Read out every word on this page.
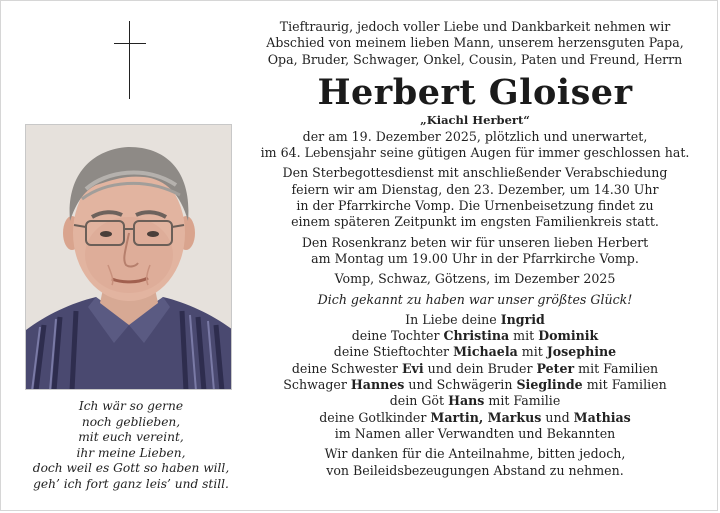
Ich wär so gerne
noch geblieben,
mit euch vereint,
ihr meine Lieben,
doch weil es Gott so haben will,
geh’ ich fort ganz leis’ und still.
Tieftraurig, jedoch voller Liebe und Dankbarkeit nehmen wir
Abschied von meinem lieben Mann, unserem herzensguten Papa,
Opa, Bruder, Schwager, Onkel, Cousin, Paten und Freund, Herrn
Herbert Gloiser
„Kiachl Herbert“
der am 19. Dezember 2025, plötzlich und unerwartet,
im 64. Lebensjahr seine gütigen Augen für immer geschlossen hat.
Den Sterbegottesdienst mit anschließender Verabschiedung
feiern wir am Dienstag, den 23. Dezember, um 14.30 Uhr
in der Pfarrkirche Vomp. Die Urnenbeisetzung findet zu
einem späteren Zeitpunkt im engsten Familienkreis statt.
Den Rosenkranz beten wir für unseren lieben Herbert
am Montag um 19.00 Uhr in der Pfarrkirche Vomp.
Vomp, Schwaz, Götzens, im Dezember 2025
Dich gekannt zu haben war unser größtes Glück!
In Liebe deine Ingrid
deine Tochter Christina mit Dominik
deine Stieftochter Michaela mit Josephine
deine Schwester Evi und dein Bruder Peter mit Familien
Schwager Hannes und Schwägerin Sieglinde mit Familien
dein Göt Hans mit Familie
deine Gotlkinder Martin, Markus und Mathias
im Namen aller Verwandten und Bekannten
Wir danken für die Anteilnahme, bitten jedoch,
von Beileidsbezeugungen Abstand zu nehmen.
